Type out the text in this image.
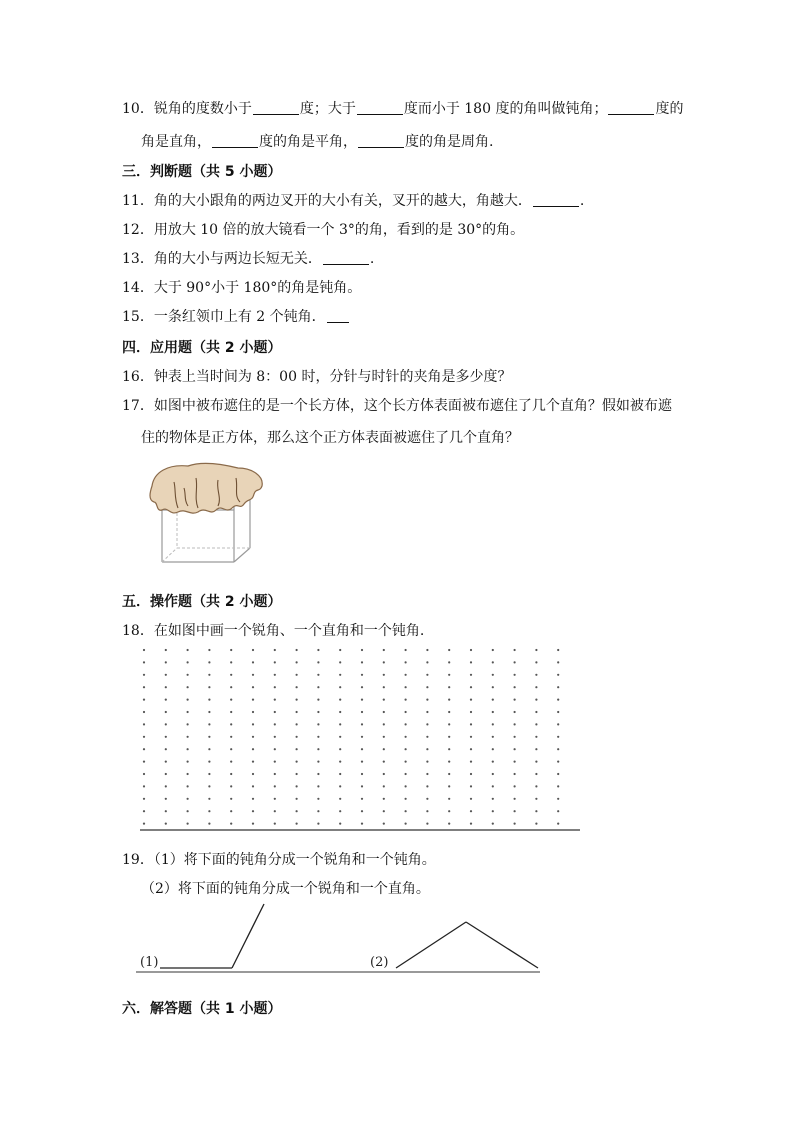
10．锐角的度数小于	度；大于	度而小于 180 度的角叫做钝角；	度的
角是直角，	度的角是平角，	度的角是周角.
三．判断题（共 5 小题）
11．角的大小跟角的两边叉开的大小有关，叉开的越大，角越大．	.
12．用放大 10 倍的放大镜看一个 3°的角，看到的是 30°的角。
13．角的大小与两边长短无关．	.
14．大于 90°小于 180°的角是钝角。
15．一条红领巾上有 2 个钝角．
四．应用题（共 2 小题）
16．钟表上当时间为 8：00 时，分针与时针的夹角是多少度？
17．如图中被布遮住的是一个长方体，这个长方体表面被布遮住了几个直角？假如被布遮
住的物体是正方体，那么这个正方体表面被遮住了几个直角？
五．操作题（共 2 小题）
18．在如图中画一个锐角、一个直角和一个钝角.
19．（1）将下面的钝角分成一个锐角和一个钝角。
（2）将下面的钝角分成一个锐角和一个直角。
(1)	(2)
六．解答题（共 1 小题）
